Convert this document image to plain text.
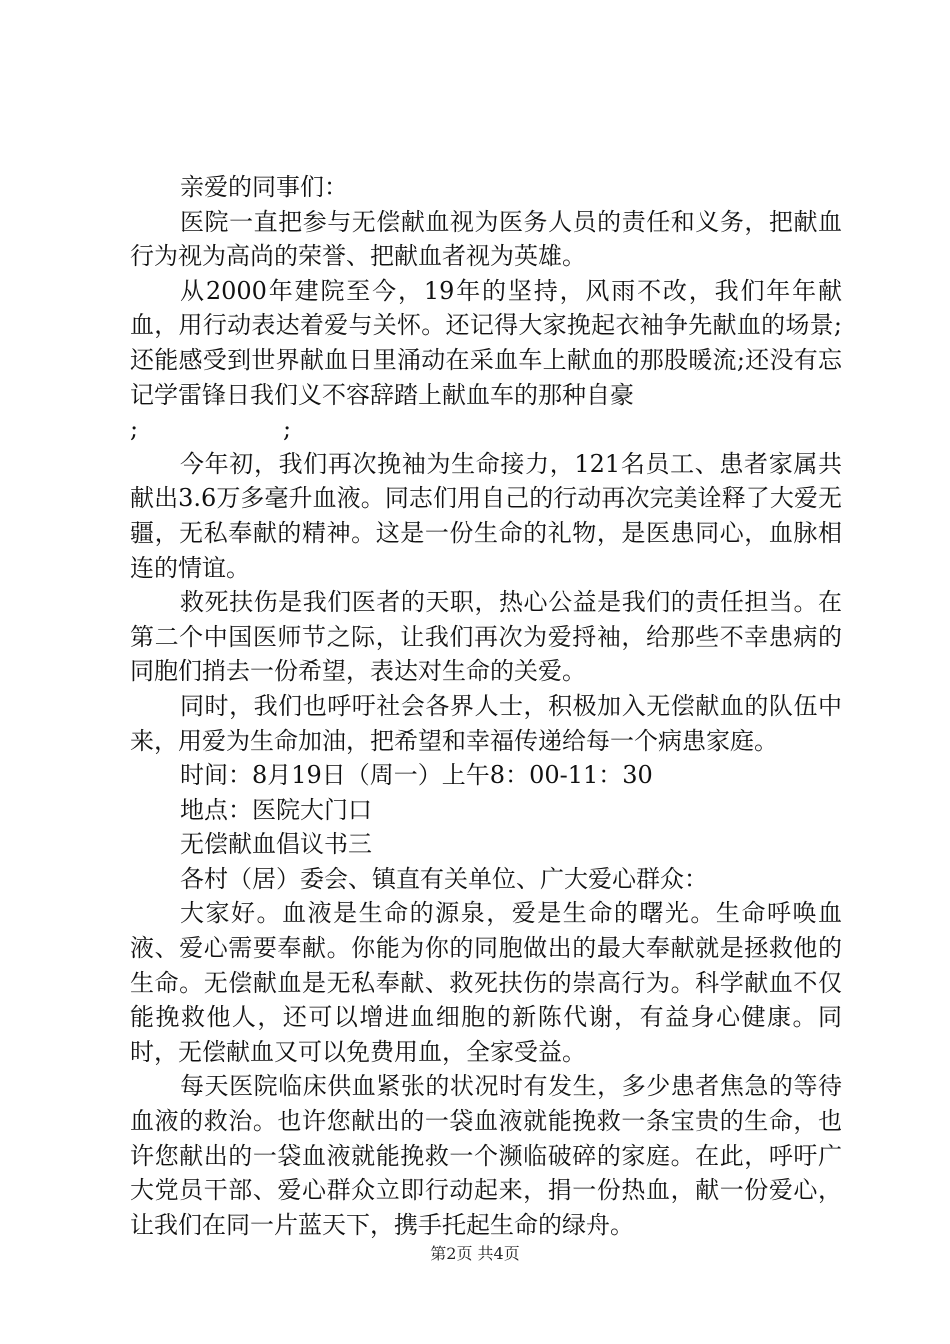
亲爱的同事们：

医院一直把参与无偿献血视为医务人员的责任和义务，把献血行为视为高尚的荣誉、把献血者视为英雄。

从2000年建院至今，19年的坚持，风雨不改，我们年年献血，用行动表达着爱与关怀。还记得大家挽起衣袖争先献血的场景;还能感受到世界献血日里涌动在采血车上献血的那股暖流;还没有忘记学雷锋日我们义不容辞踏上献血车的那种自豪

;                   ;

今年初，我们再次挽袖为生命接力，121名员工、患者家属共献出3.6万多毫升血液。同志们用自己的行动再次完美诠释了大爱无疆，无私奉献的精神。这是一份生命的礼物，是医患同心，血脉相连的情谊。

救死扶伤是我们医者的天职，热心公益是我们的责任担当。在第二个中国医师节之际，让我们再次为爱捋袖，给那些不幸患病的同胞们捎去一份希望，表达对生命的关爱。

同时，我们也呼吁社会各界人士，积极加入无偿献血的队伍中来，用爱为生命加油，把希望和幸福传递给每一个病患家庭。

时间：8月19日（周一）上午8：00-11：30

地点：医院大门口

无偿献血倡议书三

各村（居）委会、镇直有关单位、广大爱心群众：

大家好。血液是生命的源泉，爱是生命的曙光。生命呼唤血液、爱心需要奉献。你能为你的同胞做出的最大奉献就是拯救他的生命。无偿献血是无私奉献、救死扶伤的崇高行为。科学献血不仅能挽救他人，还可以增进血细胞的新陈代谢，有益身心健康。同时，无偿献血又可以免费用血，全家受益。

每天医院临床供血紧张的状况时有发生，多少患者焦急的等待血液的救治。也许您献出的一袋血液就能挽救一条宝贵的生命，也许您献出的一袋血液就能挽救一个濒临破碎的家庭。在此，呼吁广大党员干部、爱心群众立即行动起来，捐一份热血，献一份爱心，让我们在同一片蓝天下，携手托起生命的绿舟。

第2页 共4页
